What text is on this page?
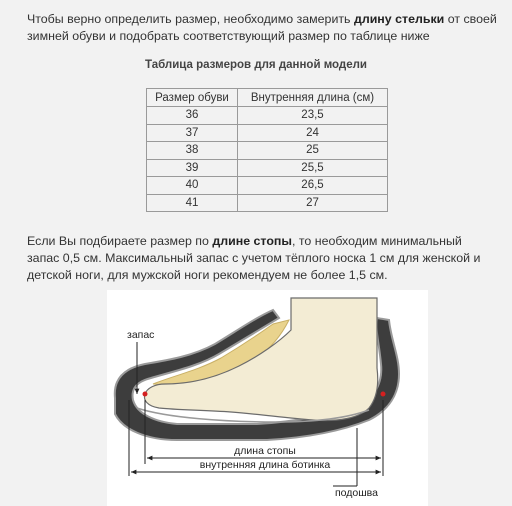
Чтобы верно определить размер, необходимо замерить длину стельки от своей зимней обуви и подобрать соответствующий размер по таблице ниже
Таблица размеров для данной модели
Размер обуви	Внутренняя длина (см)
36	23,5
37	24
38	25
39	25,5
40	26,5
41	27
Если Вы подбираете размер по длине стопы, то необходим минимальный запас 0,5 см. Максимальный запас с учетом тёплого носка 1 см для женской и детской ноги, для мужской ноги рекомендуем не более 1,5 см.
запас
длина стопы
внутренняя длина ботинка
подошва
